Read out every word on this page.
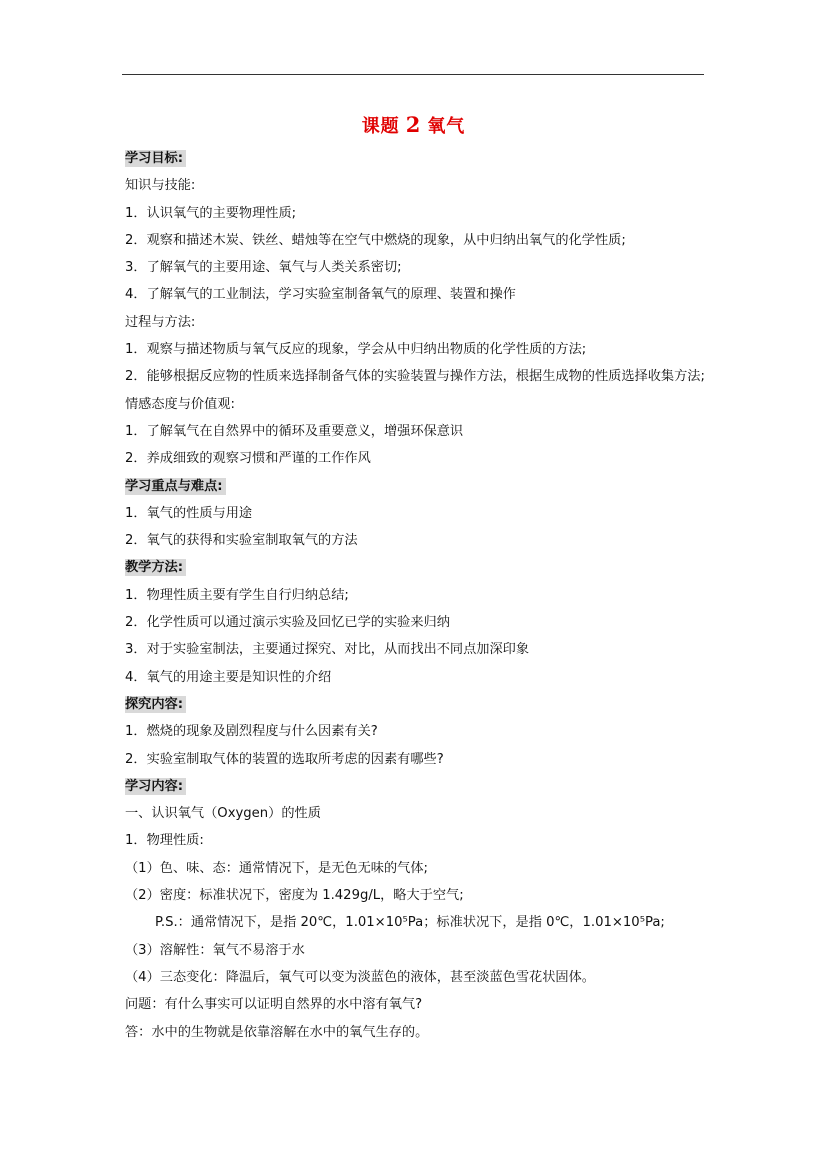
课题 2 氧气
学习目标:
知识与技能:
1．认识氧气的主要物理性质;
2．观察和描述木炭、铁丝、蜡烛等在空气中燃烧的现象，从中归纳出氧气的化学性质;
3．了解氧气的主要用途、氧气与人类关系密切;
4．了解氧气的工业制法，学习实验室制备氧气的原理、装置和操作
过程与方法:
1．观察与描述物质与氧气反应的现象，学会从中归纳出物质的化学性质的方法;
2．能够根据反应物的性质来选择制备气体的实验装置与操作方法，根据生成物的性质选择收集方法;
情感态度与价值观:
1．了解氧气在自然界中的循环及重要意义，增强环保意识
2．养成细致的观察习惯和严谨的工作作风
学习重点与难点:
1．氧气的性质与用途
2．氧气的获得和实验室制取氧气的方法
教学方法:
1．物理性质主要有学生自行归纳总结;
2．化学性质可以通过演示实验及回忆已学的实验来归纳
3．对于实验室制法，主要通过探究、对比，从而找出不同点加深印象
4．氧气的用途主要是知识性的介绍
探究内容:
1．燃烧的现象及剧烈程度与什么因素有关?
2．实验室制取气体的装置的选取所考虑的因素有哪些?
学习内容:
一、认识氧气（Oxygen）的性质
1．物理性质:
（1）色、味、态：通常情况下，是无色无味的气体;
（2）密度：标准状况下，密度为 1.429g/L，略大于空气;
P.S.：通常情况下，是指 20℃，1.01×10⁵Pa；标准状况下，是指 0℃，1.01×10⁵Pa;
（3）溶解性：氧气不易溶于水
（4）三态变化：降温后，氧气可以变为淡蓝色的液体，甚至淡蓝色雪花状固体。
问题：有什么事实可以证明自然界的水中溶有氧气?
答：水中的生物就是依靠溶解在水中的氧气生存的。
